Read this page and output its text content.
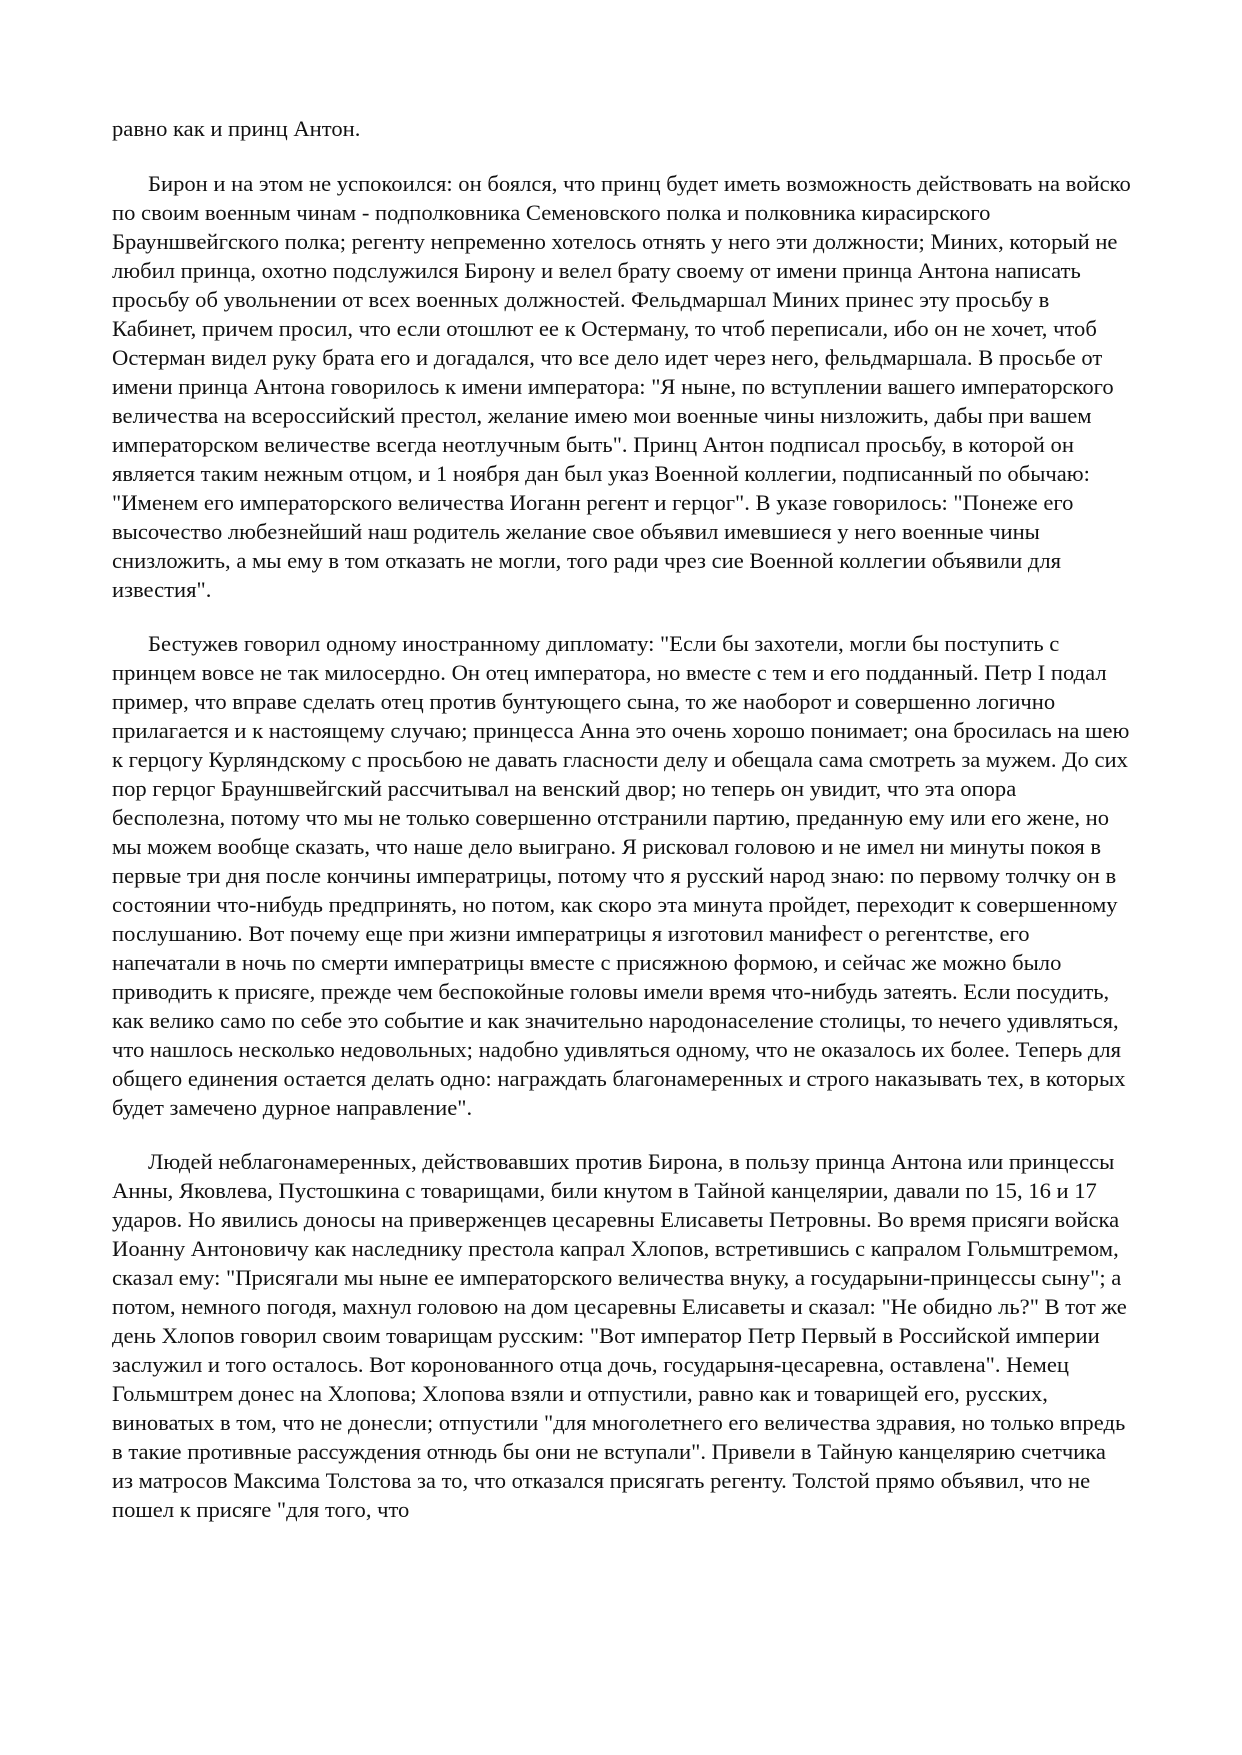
равно как и принц Антон.

Бирон и на этом не успокоился: он боялся, что принц будет иметь возможность действовать на войско по своим военным чинам - подполковника Семеновского полка и полковника кирасирского Брауншвейгского полка; регенту непременно хотелось отнять у него эти должности; Миних, который не любил принца, охотно подслужился Бирону и велел брату своему от имени принца Антона написать просьбу об увольнении от всех военных должностей. Фельдмаршал Миних принес эту просьбу в Кабинет, причем просил, что если отошлют ее к Остерману, то чтоб переписали, ибо он не хочет, чтоб Остерман видел руку брата его и догадался, что все дело идет через него, фельдмаршала. В просьбе от имени принца Антона говорилось к имени императора: "Я ныне, по вступлении вашего императорского величества на всероссийский престол, желание имею мои военные чины низложить, дабы при вашем императорском величестве всегда неотлучным быть". Принц Антон подписал просьбу, в которой он является таким нежным отцом, и 1 ноября дан был указ Военной коллегии, подписанный по обычаю: "Именем его императорского величества Иоганн регент и герцог". В указе говорилось: "Понеже его высочество любезнейший наш родитель желание свое объявил имевшиеся у него военные чины снизложить, а мы ему в том отказать не могли, того ради чрез сие Военной коллегии объявили для известия".

Бестужев говорил одному иностранному дипломату: "Если бы захотели, могли бы поступить с принцем вовсе не так милосердно. Он отец императора, но вместе с тем и его подданный. Петр I подал пример, что вправе сделать отец против бунтующего сына, то же наоборот и совершенно логично прилагается и к настоящему случаю; принцесса Анна это очень хорошо понимает; она бросилась на шею к герцогу Курляндскому с просьбою не давать гласности делу и обещала сама смотреть за мужем. До сих пор герцог Брауншвейгский рассчитывал на венский двор; но теперь он увидит, что эта опора бесполезна, потому что мы не только совершенно отстранили партию, преданную ему или его жене, но мы можем вообще сказать, что наше дело выиграно. Я рисковал головою и не имел ни минуты покоя в первые три дня после кончины императрицы, потому что я русский народ знаю: по первому толчку он в состоянии что-нибудь предпринять, но потом, как скоро эта минута пройдет, переходит к совершенному послушанию. Вот почему еще при жизни императрицы я изготовил манифест о регентстве, его напечатали в ночь по смерти императрицы вместе с присяжною формою, и сейчас же можно было приводить к присяге, прежде чем беспокойные головы имели время что-нибудь затеять. Если посудить, как велико само по себе это событие и как значительно народонаселение столицы, то нечего удивляться, что нашлось несколько недовольных; надобно удивляться одному, что не оказалось их более. Теперь для общего единения остается делать одно: награждать благонамеренных и строго наказывать тех, в которых будет замечено дурное направление".

Людей неблагонамеренных, действовавших против Бирона, в пользу принца Антона или принцессы Анны, Яковлева, Пустошкина с товарищами, били кнутом в Тайной канцелярии, давали по 15, 16 и 17 ударов. Но явились доносы на приверженцев цесаревны Елисаветы Петровны. Во время присяги войска Иоанну Антоновичу как наследнику престола капрал Хлопов, встретившись с капралом Гольмштремом, сказал ему: "Присягали мы ныне ее императорского величества внуку, а государыни-принцессы сыну"; а потом, немного погодя, махнул головою на дом цесаревны Елисаветы и сказал: "Не обидно ль?" В тот же день Хлопов говорил своим товарищам русским: "Вот император Петр Первый в Российской империи заслужил и того осталось. Вот коронованного отца дочь, государыня-цесаревна, оставлена". Немец Гольмштрем донес на Хлопова; Хлопова взяли и отпустили, равно как и товарищей его, русских, виноватых в том, что не донесли; отпустили "для многолетнего его величества здравия, но только впредь в такие противные рассуждения отнюдь бы они не вступали". Привели в Тайную канцелярию счетчика из матросов Максима Толстова за то, что отказался присягать регенту. Толстой прямо объявил, что не пошел к присяге "для того, что
